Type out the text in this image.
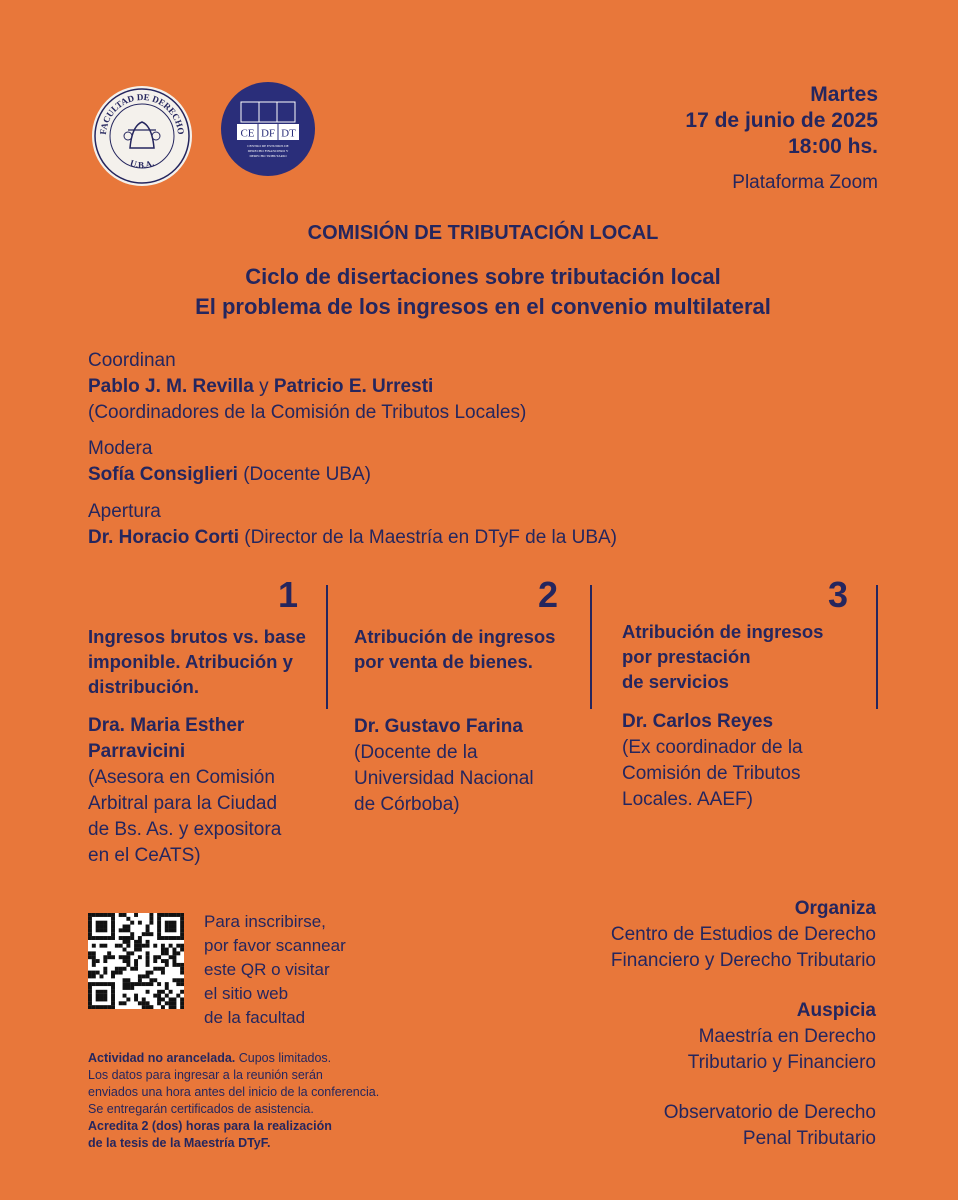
FACULTAD DE DERECHO
U.B.A.
CE DF DT
CENTRO DE ESTUDIOS DE
DERECHO FINANCIERO Y
DERECHO TRIBUTARIO
Martes
17 de junio de 2025
18:00 hs.
Plataforma Zoom
COMISIÓN DE TRIBUTACIÓN LOCAL
Ciclo de disertaciones sobre tributación local
El problema de los ingresos en el convenio multilateral
Coordinan
Pablo J. M. Revilla y Patricio E. Urresti
(Coordinadores de la Comisión de Tributos Locales)
Modera
Sofía Consiglieri (Docente UBA)
Apertura
Dr. Horacio Corti (Director de la Maestría en DTyF de la UBA)
1	2	3
Ingresos brutos vs. base
imponible. Atribución y
distribución.
Dra. Maria Esther
Parravicini
(Asesora en Comisión
Arbitral para la Ciudad
de Bs. As. y expositora
en el CeATS)
Atribución de ingresos
por venta de bienes.
Dr. Gustavo Farina
(Docente de la
Universidad Nacional
de Córboba)
Atribución de ingresos
por prestación
de servicios
Dr. Carlos Reyes
(Ex coordinador de la
Comisión de Tributos
Locales. AAEF)
Para inscribirse,
por favor scannear
este QR o visitar
el sitio web
de la facultad
Actividad no arancelada. Cupos limitados.
Los datos para ingresar a la reunión serán
enviados una hora antes del inicio de la conferencia.
Se entregarán certificados de asistencia.
Acredita 2 (dos) horas para la realización
de la tesis de la Maestría DTyF.
Organiza
Centro de Estudios de Derecho
Financiero y Derecho Tributario
Auspicia
Maestría en Derecho
Tributario y Financiero
Observatorio de Derecho
Penal Tributario
